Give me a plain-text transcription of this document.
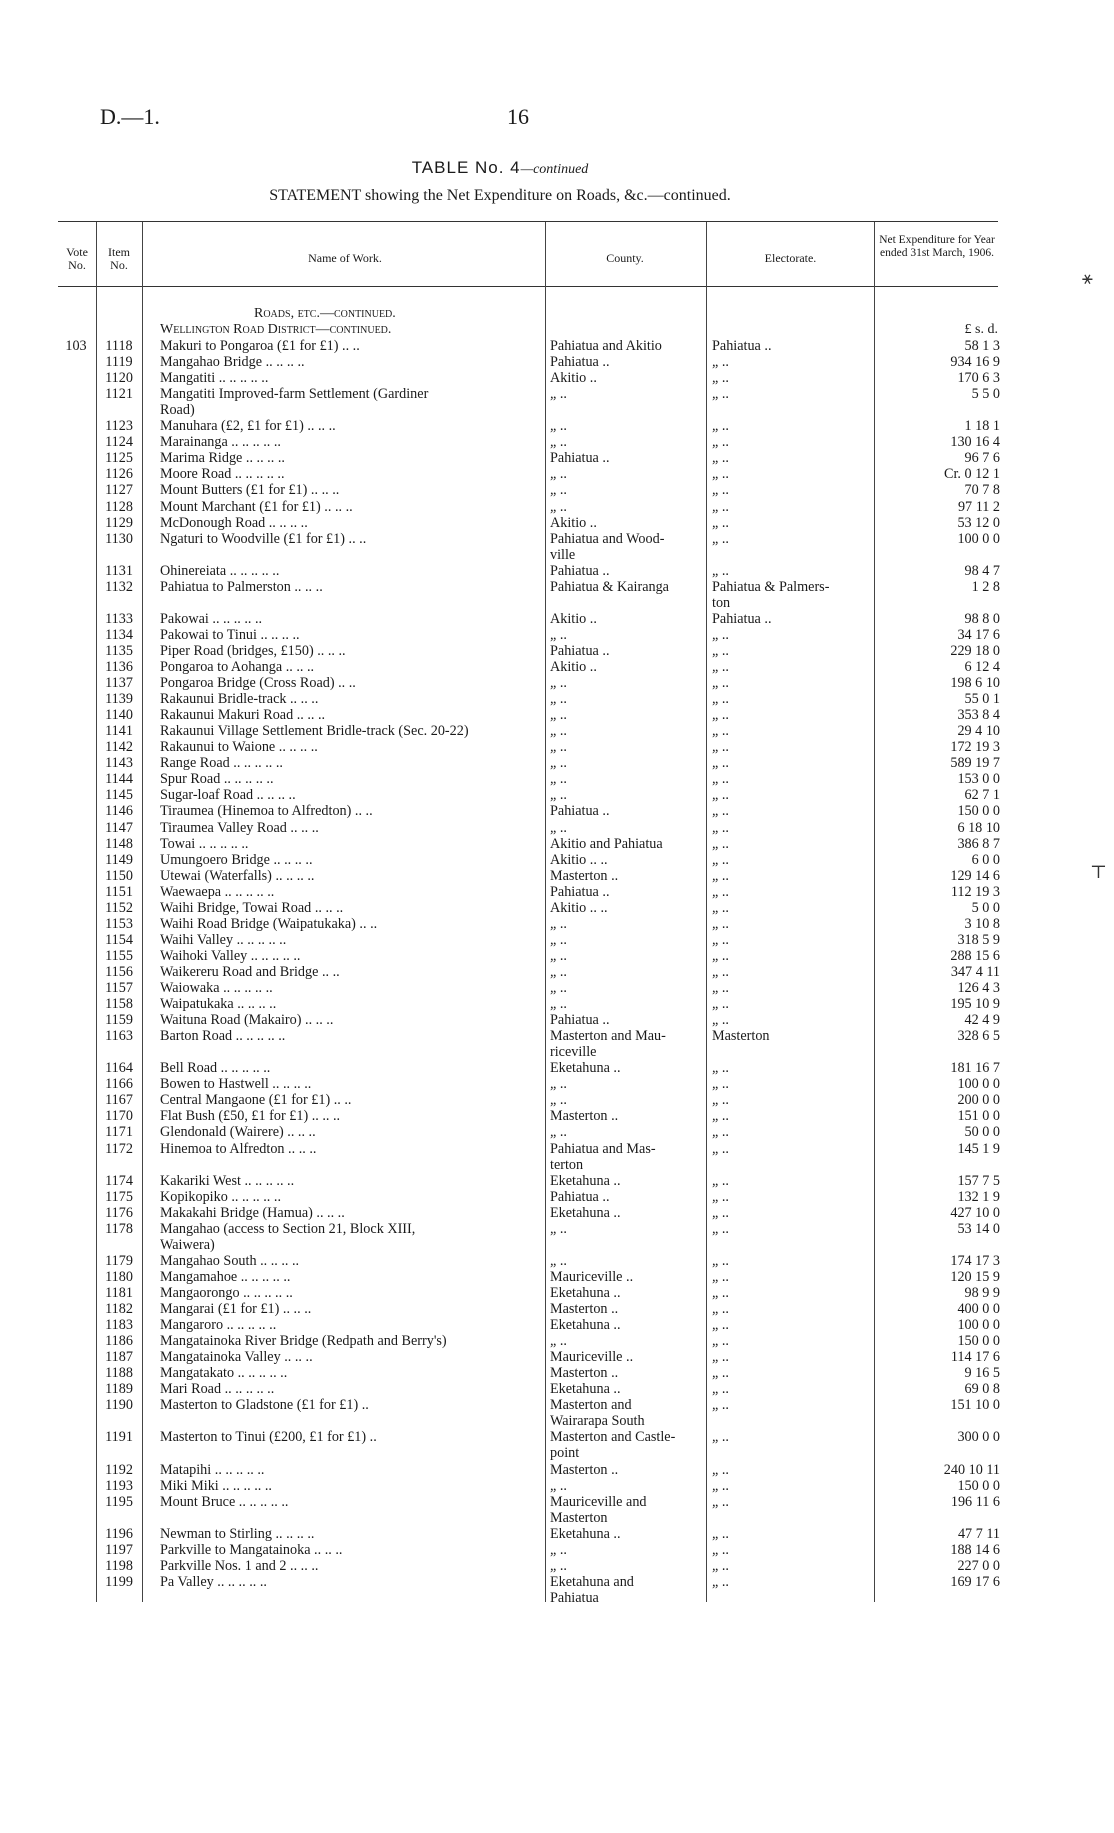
D.—1.	16
TABLE No. 4—continued
STATEMENT showing the Net Expenditure on Roads, &c.—continued.
Vote No.
Item No.	Name of Work.	County.	Electorate.
Net Expenditure for Year ended 31st March, 1906.
Roads, etc.—continued.
Wellington Road District—continued.	£ s. d.
103	1118	Makuri to Pongaroa (£1 for £1) .. ..	Pahiatua and Akitio	Pahiatua ..	58 1 3
1119	Mangahao Bridge .. .. .. ..	Pahiatua ..	„ ..	934 16 9
1120	Mangatiti .. .. .. .. ..	Akitio ..	„ ..	170 6 3
1121	Mangatiti Improved-farm Settlement (Gardiner	„ ..	„ ..	5 5 0
Road)
1123	Manuhara (£2, £1 for £1) .. .. ..	„ ..	„ ..	1 18 1
1124	Marainanga .. .. .. .. ..	„ ..	„ ..	130 16 4
1125	Marima Ridge .. .. .. ..	Pahiatua ..	„ ..	96 7 6
1126	Moore Road .. .. .. .. ..	„ ..	„ ..	Cr. 0 12 1
1127	Mount Butters (£1 for £1) .. .. ..	„ ..	„ ..	70 7 8
1128	Mount Marchant (£1 for £1) .. .. ..	„ ..	„ ..	97 11 2
1129	McDonough Road .. .. .. ..	Akitio ..	„ ..	53 12 0
1130	Ngaturi to Woodville (£1 for £1) .. ..	Pahiatua and Wood-	„ ..	100 0 0
ville
1131	Ohinereiata .. .. .. .. ..	Pahiatua ..	„ ..	98 4 7
1132	Pahiatua to Palmerston .. .. ..	Pahiatua & Kairanga	Pahiatua & Palmers-	1 2 8
ton
1133	Pakowai .. .. .. .. ..	Akitio ..	Pahiatua ..	98 8 0
1134	Pakowai to Tinui .. .. .. ..	„ ..	„ ..	34 17 6
1135	Piper Road (bridges, £150) .. .. ..	Pahiatua ..	„ ..	229 18 0
1136	Pongaroa to Aohanga .. .. ..	Akitio ..	„ ..	6 12 4
1137	Pongaroa Bridge (Cross Road) .. ..	„ ..	„ ..	198 6 10
1139	Rakaunui Bridle-track .. .. ..	„ ..	„ ..	55 0 1
1140	Rakaunui Makuri Road .. .. ..	„ ..	„ ..	353 8 4
1141	Rakaunui Village Settlement Bridle-track (Sec. 20-22)	„ ..	„ ..	29 4 10
1142	Rakaunui to Waione .. .. .. ..	„ ..	„ ..	172 19 3
1143	Range Road .. .. .. .. ..	„ ..	„ ..	589 19 7
1144	Spur Road .. .. .. .. ..	„ ..	„ ..	153 0 0
1145	Sugar-loaf Road .. .. .. ..	„ ..	„ ..	62 7 1
1146	Tiraumea (Hinemoa to Alfredton) .. ..	Pahiatua ..	„ ..	150 0 0
1147	Tiraumea Valley Road .. .. ..	„ ..	„ ..	6 18 10
1148	Towai .. .. .. .. ..	Akitio and Pahiatua	„ ..	386 8 7
1149	Umungoero Bridge .. .. .. ..	Akitio .. ..	„ ..	6 0 0
1150	Utewai (Waterfalls) .. .. .. ..	Masterton ..	„ ..	129 14 6
1151	Waewaepa .. .. .. .. ..	Pahiatua ..	„ ..	112 19 3
1152	Waihi Bridge, Towai Road .. .. ..	Akitio .. ..	„ ..	5 0 0
1153	Waihi Road Bridge (Waipatukaka) .. ..	„ ..	„ ..	3 10 8
1154	Waihi Valley .. .. .. .. ..	„ ..	„ ..	318 5 9
1155	Waihoki Valley .. .. .. .. ..	„ ..	„ ..	288 15 6
1156	Waikereru Road and Bridge .. ..	„ ..	„ ..	347 4 11
1157	Waiowaka .. .. .. .. ..	„ ..	„ ..	126 4 3
1158	Waipatukaka .. .. .. ..	„ ..	„ ..	195 10 9
1159	Waituna Road (Makairo) .. .. ..	Pahiatua ..	„ ..	42 4 9
1163	Barton Road .. .. .. .. ..	Masterton and Mau-	Masterton	328 6 5
riceville
1164	Bell Road .. .. .. .. ..	Eketahuna ..	„ ..	181 16 7
1166	Bowen to Hastwell .. .. .. ..	„ ..	„ ..	100 0 0
1167	Central Mangaone (£1 for £1) .. ..	„ ..	„ ..	200 0 0
1170	Flat Bush (£50, £1 for £1) .. .. ..	Masterton ..	„ ..	151 0 0
1171	Glendonald (Wairere) .. .. ..	„ ..	„ ..	50 0 0
1172	Hinemoa to Alfredton .. .. ..	Pahiatua and Mas-	„ ..	145 1 9
terton
1174	Kakariki West .. .. .. .. ..	Eketahuna ..	„ ..	157 7 5
1175	Kopikopiko .. .. .. .. ..	Pahiatua ..	„ ..	132 1 9
1176	Makakahi Bridge (Hamua) .. .. ..	Eketahuna ..	„ ..	427 10 0
1178	Mangahao (access to Section 21, Block XIII,	„ ..	„ ..	53 14 0
Waiwera)
1179	Mangahao South .. .. .. ..	„ ..	„ ..	174 17 3
1180	Mangamahoe .. .. .. .. ..	Mauriceville ..	„ ..	120 15 9
1181	Mangaorongo .. .. .. .. ..	Eketahuna ..	„ ..	98 9 9
1182	Mangarai (£1 for £1) .. .. ..	Masterton ..	„ ..	400 0 0
1183	Mangaroro .. .. .. .. ..	Eketahuna ..	„ ..	100 0 0
1186	Mangatainoka River Bridge (Redpath and Berry's)	„ ..	„ ..	150 0 0
1187	Mangatainoka Valley .. .. ..	Mauriceville ..	„ ..	114 17 6
1188	Mangatakato .. .. .. .. ..	Masterton ..	„ ..	9 16 5
1189	Mari Road .. .. .. .. ..	Eketahuna ..	„ ..	69 0 8
1190	Masterton to Gladstone (£1 for £1) ..	Masterton and	„ ..	151 10 0
Wairarapa South
1191	Masterton to Tinui (£200, £1 for £1) ..	Masterton and Castle-	„ ..	300 0 0
point
1192	Matapihi .. .. .. .. ..	Masterton ..	„ ..	240 10 11
1193	Miki Miki .. .. .. .. ..	„ ..	„ ..	150 0 0
1195	Mount Bruce .. .. .. .. ..	Mauriceville and	„ ..	196 11 6
Masterton
1196	Newman to Stirling .. .. .. ..	Eketahuna ..	„ ..	47 7 11
1197	Parkville to Mangatainoka .. .. ..	„ ..	„ ..	188 14 6
1198	Parkville Nos. 1 and 2 .. .. ..	„ ..	„ ..	227 0 0
1199	Pa Valley .. .. .. .. ..	Eketahuna and	„ ..	169 17 6
Pahiatua
⚹
⊤
